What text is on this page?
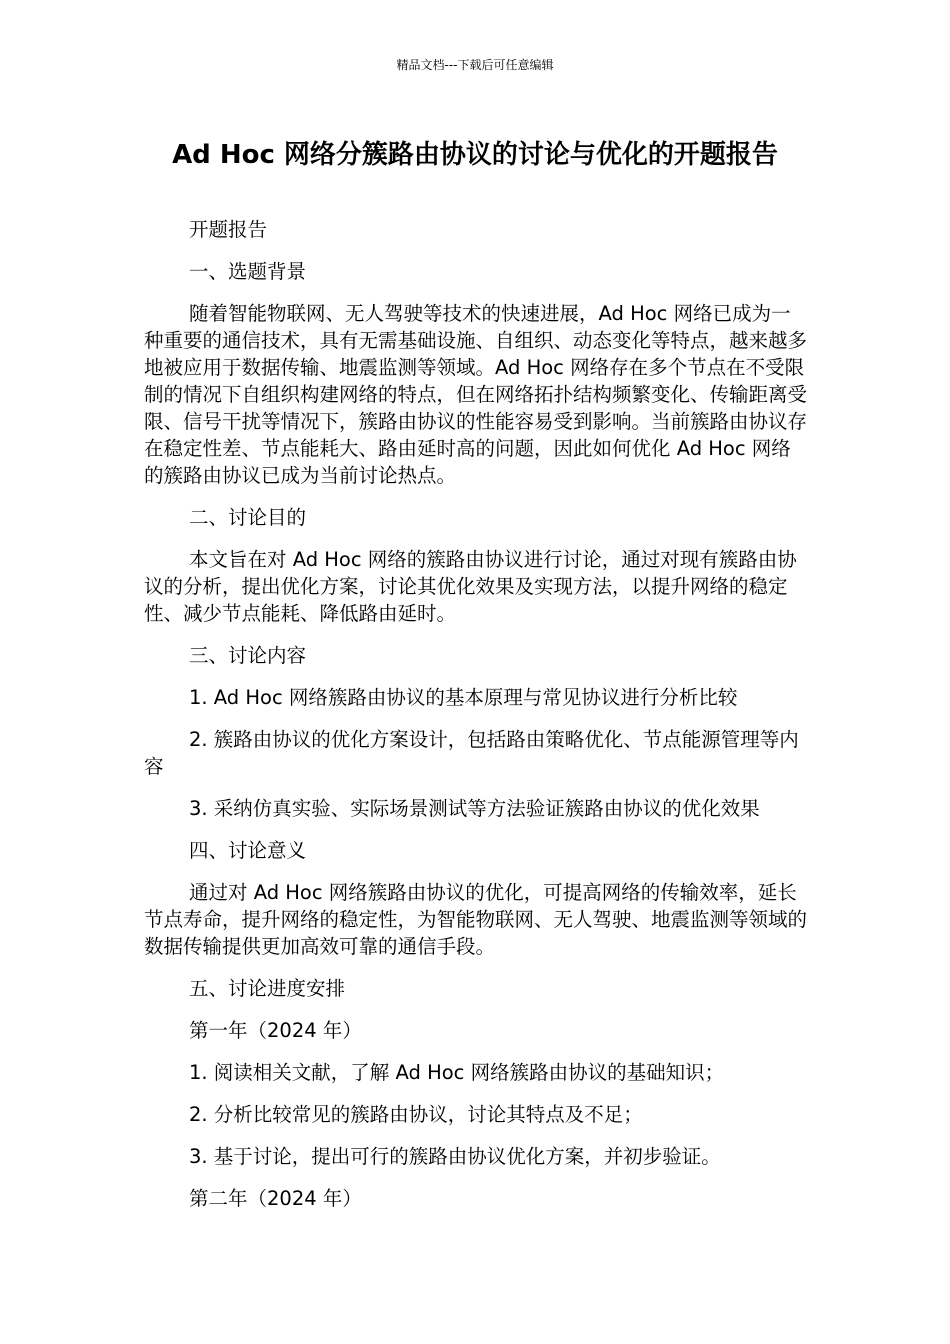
精品文档---下载后可任意编辑
Ad Hoc 网络分簇路由协议的讨论与优化的开题报告

开题报告

一、选题背景

随着智能物联网、无人驾驶等技术的快速进展，Ad Hoc 网络已成为一种重要的通信技术，具有无需基础设施、自组织、动态变化等特点，越来越多地被应用于数据传输、地震监测等领域。Ad Hoc 网络存在多个节点在不受限制的情况下自组织构建网络的特点，但在网络拓扑结构频繁变化、传输距离受限、信号干扰等情况下，簇路由协议的性能容易受到影响。当前簇路由协议存在稳定性差、节点能耗大、路由延时高的问题，因此如何优化 Ad Hoc 网络的簇路由协议已成为当前讨论热点。

二、讨论目的

本文旨在对 Ad Hoc 网络的簇路由协议进行讨论，通过对现有簇路由协议的分析，提出优化方案，讨论其优化效果及实现方法，以提升网络的稳定性、减少节点能耗、降低路由延时。

三、讨论内容

1. Ad Hoc 网络簇路由协议的基本原理与常见协议进行分析比较

2. 簇路由协议的优化方案设计，包括路由策略优化、节点能源管理等内容

3. 采纳仿真实验、实际场景测试等方法验证簇路由协议的优化效果

四、讨论意义

通过对 Ad Hoc 网络簇路由协议的优化，可提高网络的传输效率，延长节点寿命，提升网络的稳定性，为智能物联网、无人驾驶、地震监测等领域的数据传输提供更加高效可靠的通信手段。

五、讨论进度安排

第一年（2024 年）

1. 阅读相关文献，了解 Ad Hoc 网络簇路由协议的基础知识；

2. 分析比较常见的簇路由协议，讨论其特点及不足；

3. 基于讨论，提出可行的簇路由协议优化方案，并初步验证。

第二年（2024 年）
